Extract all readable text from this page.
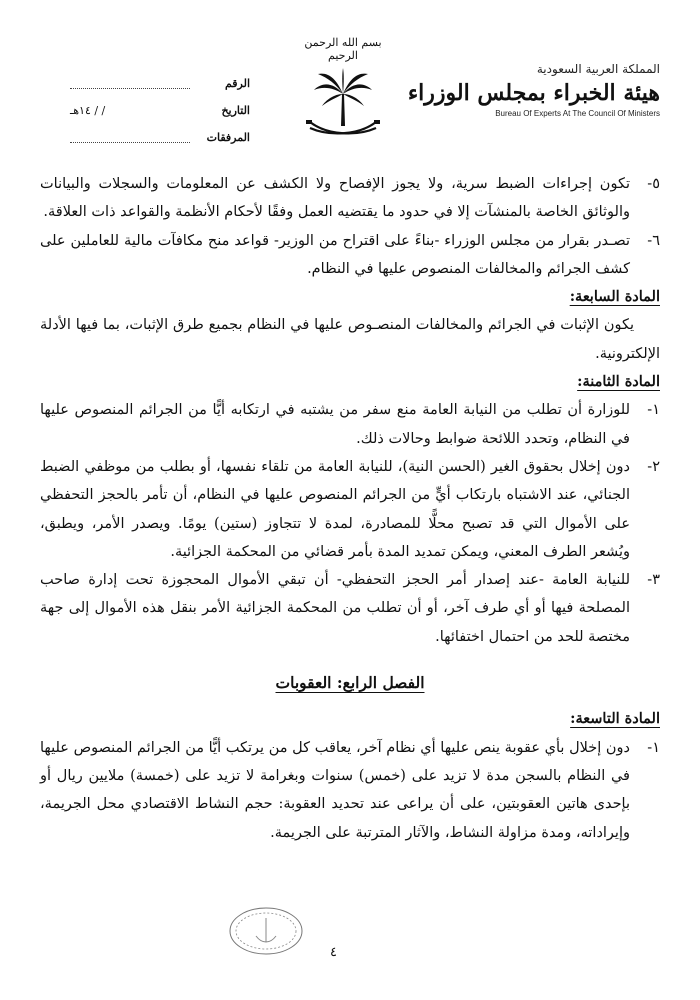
المملكة العربية السعودية
هيئة الخبراء بمجلس الوزراء
Bureau Of Experts At The Council Of Ministers
بسم الله الرحمن الرحيم
الرقم
التاريخ
/ / ١٤هـ
المرفقات
٥-
تكون إجراءات الضبط سرية، ولا يجوز الإفصاح ولا الكشف عن المعلومات والسجلات والبيانات والوثائق الخاصة بالمنشآت إلا في حدود ما يقتضيه العمل وفقًا لأحكام الأنظمة والقواعد ذات العلاقة.
٦-
تصـدر بقرار من مجلس الوزراء -بناءً على اقتراح من الوزير- قواعد منح مكافآت مالية للعاملين على كشف الجرائم والمخالفات المنصوص عليها في النظام.
المادة السابعة:
يكون الإثبات في الجرائم والمخالفات المنصـوص عليها في النظام بجميع طرق الإثبات، بما فيها الأدلة الإلكترونية.
المادة الثامنة:
١-
للوزارة أن تطلب من النيابة العامة منع سفر من يشتبه في ارتكابه أيًّا من الجرائم المنصوص عليها في النظام، وتحدد اللائحة ضوابط وحالات ذلك.
٢-
دون إخلال بحقوق الغير (الحسن النية)، للنيابة العامة من تلقاء نفسها، أو بطلب من موظفي الضبط الجنائي، عند الاشتباه بارتكاب أيٍّ من الجرائم المنصوص عليها في النظام، أن تأمر بالحجز التحفظي على الأموال التي قد تصبح محلًّا للمصادرة، لمدة لا تتجاوز (ستين) يومًا. ويصدر الأمر، ويطبق، ويُشعر الطرف المعني، ويمكن تمديد المدة بأمر قضائي من المحكمة الجزائية.
٣-
للنيابة العامة -عند إصدار أمر الحجز التحفظي- أن تبقي الأموال المحجوزة تحت إدارة صاحب المصلحة فيها أو أي طرف آخر، أو أن تطلب من المحكمة الجزائية الأمر بنقل هذه الأموال إلى جهة مختصة للحد من احتمال اختفائها.
الفصل الرابع: العقوبات
المادة التاسعة:
١-
دون إخلال بأي عقوبة ينص عليها أي نظام آخر، يعاقب كل من يرتكب أيًّا من الجرائم المنصوص عليها في النظام بالسجن مدة لا تزيد على (خمس) سنوات وبغرامة لا تزيد على (خمسة) ملايين ريال أو بإحدى هاتين العقوبتين، على أن يراعى عند تحديد العقوبة: حجم النشاط الاقتصادي محل الجريمة، وإيراداته، ومدة مزاولة النشاط، والآثار المترتبة على الجريمة.
٤
